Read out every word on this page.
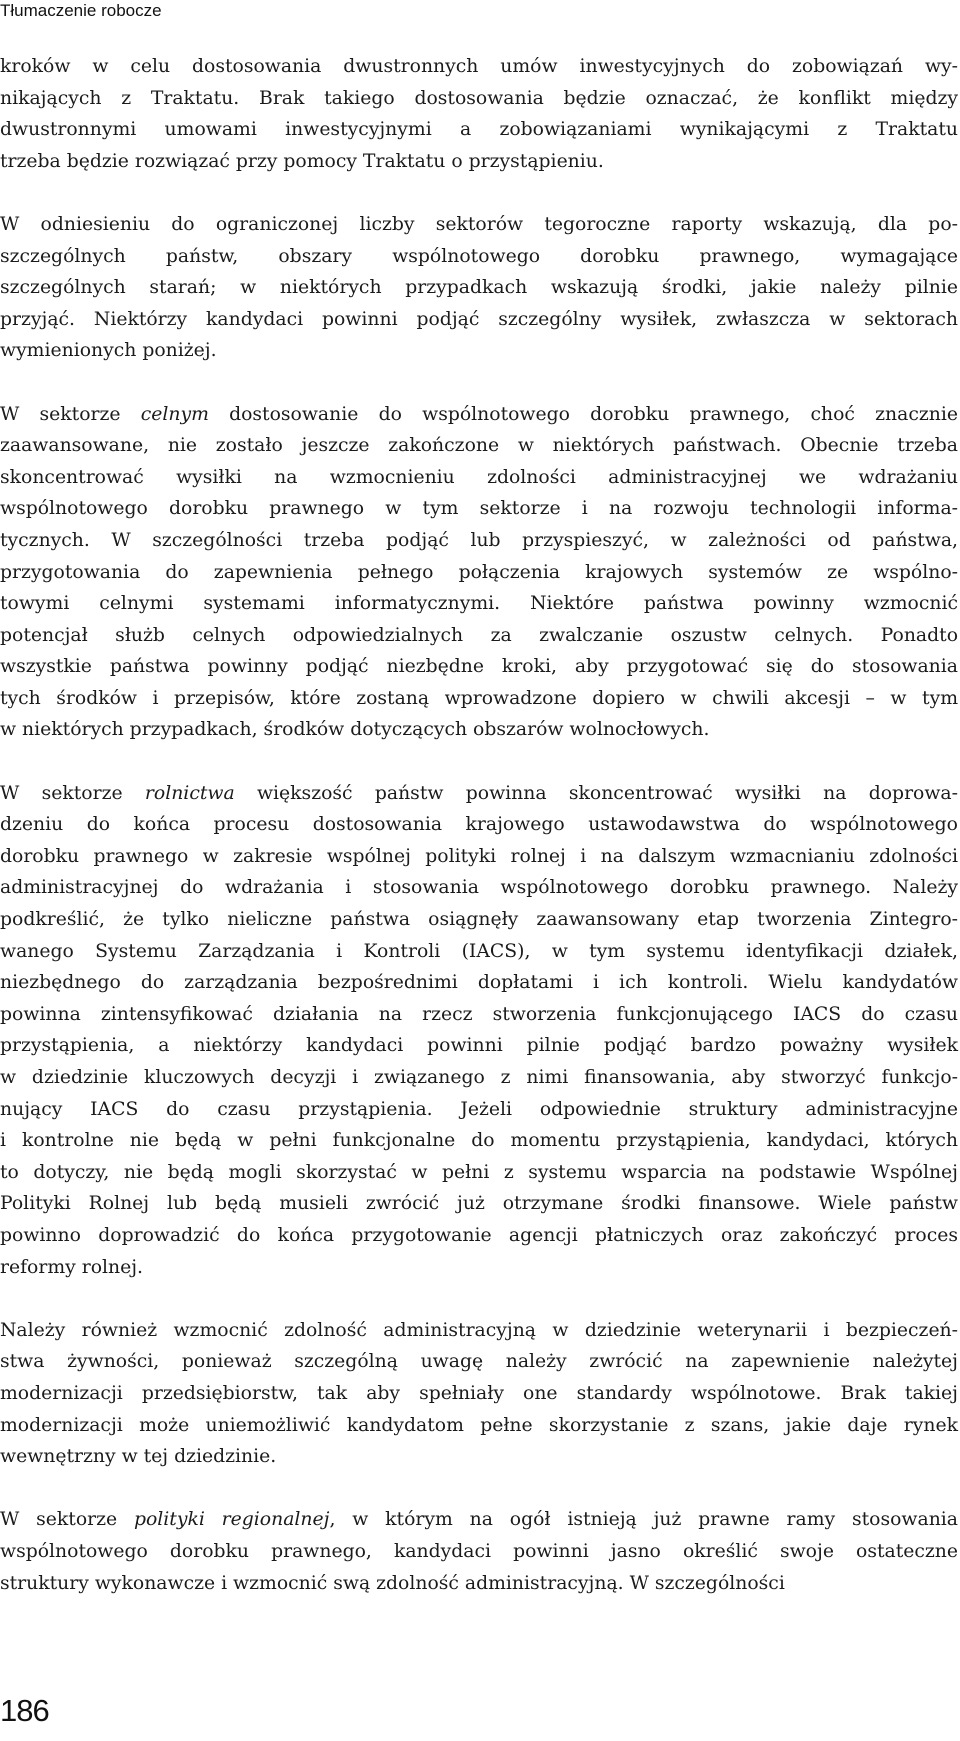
Tłumaczenie robocze

kroków w celu dostosowania dwustronnych umów inwestycyjnych do zobowiązań wy-
nikających z Traktatu. Brak takiego dostosowania będzie oznaczać, że konflikt między
dwustronnymi umowami inwestycyjnymi a zobowiązaniami wynikającymi z Traktatu
trzeba będzie rozwiązać przy pomocy Traktatu o przystąpieniu.

W odniesieniu do ograniczonej liczby sektorów tegoroczne raporty wskazują, dla po-
szczególnych państw, obszary wspólnotowego dorobku prawnego, wymagające
szczególnych starań; w niektórych przypadkach wskazują środki, jakie należy pilnie
przyjąć. Niektórzy kandydaci powinni podjąć szczególny wysiłek, zwłaszcza w sektorach
wymienionych poniżej.

W sektorze celnym dostosowanie do wspólnotowego dorobku prawnego, choć znacznie
zaawansowane, nie zostało jeszcze zakończone w niektórych państwach. Obecnie trzeba
skoncentrować wysiłki na wzmocnieniu zdolności administracyjnej we wdrażaniu
wspólnotowego dorobku prawnego w tym sektorze i na rozwoju technologii informa-
tycznych. W szczególności trzeba podjąć lub przyspieszyć, w zależności od państwa,
przygotowania do zapewnienia pełnego połączenia krajowych systemów ze wspólno-
towymi celnymi systemami informatycznymi. Niektóre państwa powinny wzmocnić
potencjał służb celnych odpowiedzialnych za zwalczanie oszustw celnych. Ponadto
wszystkie państwa powinny podjąć niezbędne kroki, aby przygotować się do stosowania
tych środków i przepisów, które zostaną wprowadzone dopiero w chwili akcesji – w tym
w niektórych przypadkach, środków dotyczących obszarów wolnocłowych.

W sektorze rolnictwa większość państw powinna skoncentrować wysiłki na doprowa-
dzeniu do końca procesu dostosowania krajowego ustawodawstwa do wspólnotowego
dorobku prawnego w zakresie wspólnej polityki rolnej i na dalszym wzmacnianiu zdolności
administracyjnej do wdrażania i stosowania wspólnotowego dorobku prawnego. Należy
podkreślić, że tylko nieliczne państwa osiągnęły zaawansowany etap tworzenia Zintegro-
wanego Systemu Zarządzania i Kontroli (IACS), w tym systemu identyfikacji działek,
niezbędnego do zarządzania bezpośrednimi dopłatami i ich kontroli. Wielu kandydatów
powinna zintensyfikować działania na rzecz stworzenia funkcjonującego IACS do czasu
przystąpienia, a niektórzy kandydaci powinni pilnie podjąć bardzo poważny wysiłek
w dziedzinie kluczowych decyzji i związanego z nimi finansowania, aby stworzyć funkcjo-
nujący IACS do czasu przystąpienia. Jeżeli odpowiednie struktury administracyjne
i kontrolne nie będą w pełni funkcjonalne do momentu przystąpienia, kandydaci, których
to dotyczy, nie będą mogli skorzystać w pełni z systemu wsparcia na podstawie Wspólnej
Polityki Rolnej lub będą musieli zwrócić już otrzymane środki finansowe. Wiele państw
powinno doprowadzić do końca przygotowanie agencji płatniczych oraz zakończyć proces
reformy rolnej.

Należy również wzmocnić zdolność administracyjną w dziedzinie weterynarii i bezpieczeń-
stwa żywności, ponieważ szczególną uwagę należy zwrócić na zapewnienie należytej
modernizacji przedsiębiorstw, tak aby spełniały one standardy wspólnotowe. Brak takiej
modernizacji może uniemożliwić kandydatom pełne skorzystanie z szans, jakie daje rynek
wewnętrzny w tej dziedzinie.

W sektorze polityki regionalnej, w którym na ogół istnieją już prawne ramy stosowania
wspólnotowego dorobku prawnego, kandydaci powinni jasno określić swoje ostateczne
struktury wykonawcze i wzmocnić swą zdolność administracyjną. W szczególności

186
